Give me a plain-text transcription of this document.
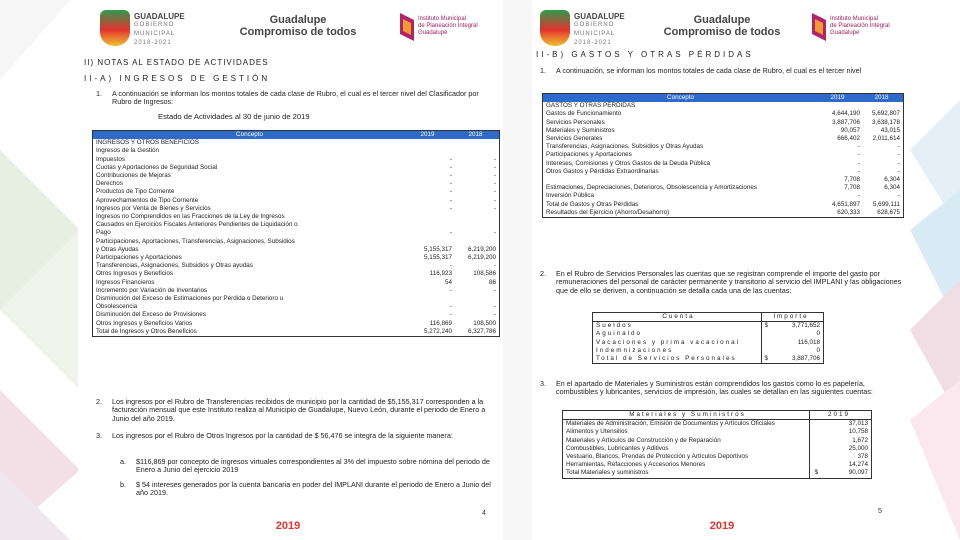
GUADALUPE
GOBIERNO MUNICIPAL
2018-2021
Guadalupe
Compromiso de todos
Instituto Municipal
de Planeación Integral
Guadalupe
II) NOTAS AL ESTADO DE ACTIVIDADES
II-A) INGRESOS DE GESTIÓN
1.	A continuación se informan los montos totales de cada clase de Rubro, el cual es el tercer nivel del Clasificador por Rubro de Ingresos:
Estado de Actividades al 30 de junio de 2019
Concepto	2019	2018
INGRESOS Y OTROS BENEFICIOS
Ingresos de la Gestión
Impuestos	-	-
Cuotas y Aportaciones de Seguridad Social	-	-
Contribuciones de Mejoras	-	-
Derechos	-	-
Productos de Tipo Corriente	-	-
Aprovechamientos de Tipo Corriente	-	-
Ingresos por Venta de Bienes y Servicios	-	-
Ingresos no Comprendidos en las Fracciones de la Ley de Ingresos
Causados en Ejercicios Fiscales Anteriores Pendientes de Liquidación o
Pago	-	-
Participaciones, Aportaciones, Transferencias, Asignaciones, Subsidios
y Otras Ayudas	5,155,317	6,219,200
Participaciones y Aportaciones	5,155,317	6,219,200
Transferencias, Asignaciones, Subsidios y Otras ayudas	-	-
Otros Ingresos y Beneficios	116,923	108,586
Ingresos Financieros	54	86
Incremento por Variación de Inventarios	-	-
Disminución del Exceso de Estimaciones por Pérdida o Deterioro u
Obsolescencia	-	-
Disminución del Exceso de Provisiones	-	-
Otros Ingresos y Beneficios Varios	116,869	108,500
Total de Ingresos y Otros Beneficios	5,272,240	6,327,786
2.	Los ingresos por el Rubro de Transferencias recibidos de municipio por la cantidad de $5,155,317 corresponden a la facturación mensual que este Instituto realiza al Municipio de Guadalupe, Nuevo León, durante el periodo de Enero a Junio del año 2019.
3.	Los ingresos por el Rubro de Otros Ingresos por la cantidad de $ 56,476 se integra de la siguiente manera:
a.	$116,869 por concepto de ingresos virtuales correspondientes al 3% del impuesto sobre nómina del periodo de Enero a Junio del ejercicio 2019
b.	$ 54 intereses generados por la cuenta bancaria en poder del IMPLANI durante el periodo de Enero a Junio del año 2019.
2019
4
GUADALUPE
GOBIERNO MUNICIPAL
2018-2021
Guadalupe
Compromiso de todos
Instituto Municipal
de Planeación Integral
Guadalupe
II-B) GASTOS Y OTRAS PÉRDIDAS
1.	A continuación, se informan los montos totales de cada clase de Rubro, el cual es el tercer nivel
Concepto	2019	2018
GASTOS Y OTRAS PÉRDIDAS
Gastos de Funcionamiento	4,644,190	5,692,807
Servicios Personales	3,887,706	3,638,178
Materiales y Suministros	90,057	43,015
Servicios Generales	666,402	2,011,614
Transferencias, Asignaciones, Subsidios y Otras Ayudas	-	-
Participaciones y Aportaciones	-	-
Intereses, Comisiones y Otros Gastos de la Deuda Pública	-	-
Otros Gastos y Pérdidas Extraordinarias	-	-
7,708	6,304
Estimaciones, Depreciaciones, Deterioros, Obsolescencia y Amortizaciones	7,708	6,304
Inversión Pública	-	-
Total de Gastos y Otras Pérdidas	4,651,897	5,699,111
Resultados del Ejercicio (Ahorro/Desahorro)	620,333	628,675
2.	En el Rubro de Servicios Personales las cuentas que se registran comprende el importe del gasto por remuneraciones del personal de carácter permanente y transitorio al servicio del IMPLANI y las obligaciones que de ello se deriven, a continuación se detalla cada una de las cuentas:
Cuenta	Importe
Sueldos	$	3,771,652
Aguinaldo	0
Vacaciones y prima vacacional	116,018
Indemnizaciones	0
Total de Servicios Personales	$	3,887,706
3.	En el apartado de Materiales y Suministros están comprendidos los gastos como lo es papelería, combustibles y lubricantes, servicios de impresión, las cuales se detallan en las siguientes cuentas:
Materiales y Suministros	2019
Materiales de Administración, Emisión de Documentos y Artículos Oficiales	37,013
Alimentos y Utensilios	10,758
Materiales y Artículos de Construcción y de Reparación	1,672
Combustibles, Lubricantes y Aditivos	25,000
Vestuario, Blancos, Prendas de Protección y Artículos Deportivos	378
Herramientas, Refacciones y Accesorios Menores	14,274
Total Materiales y suministros	$	90,097
2019
5
